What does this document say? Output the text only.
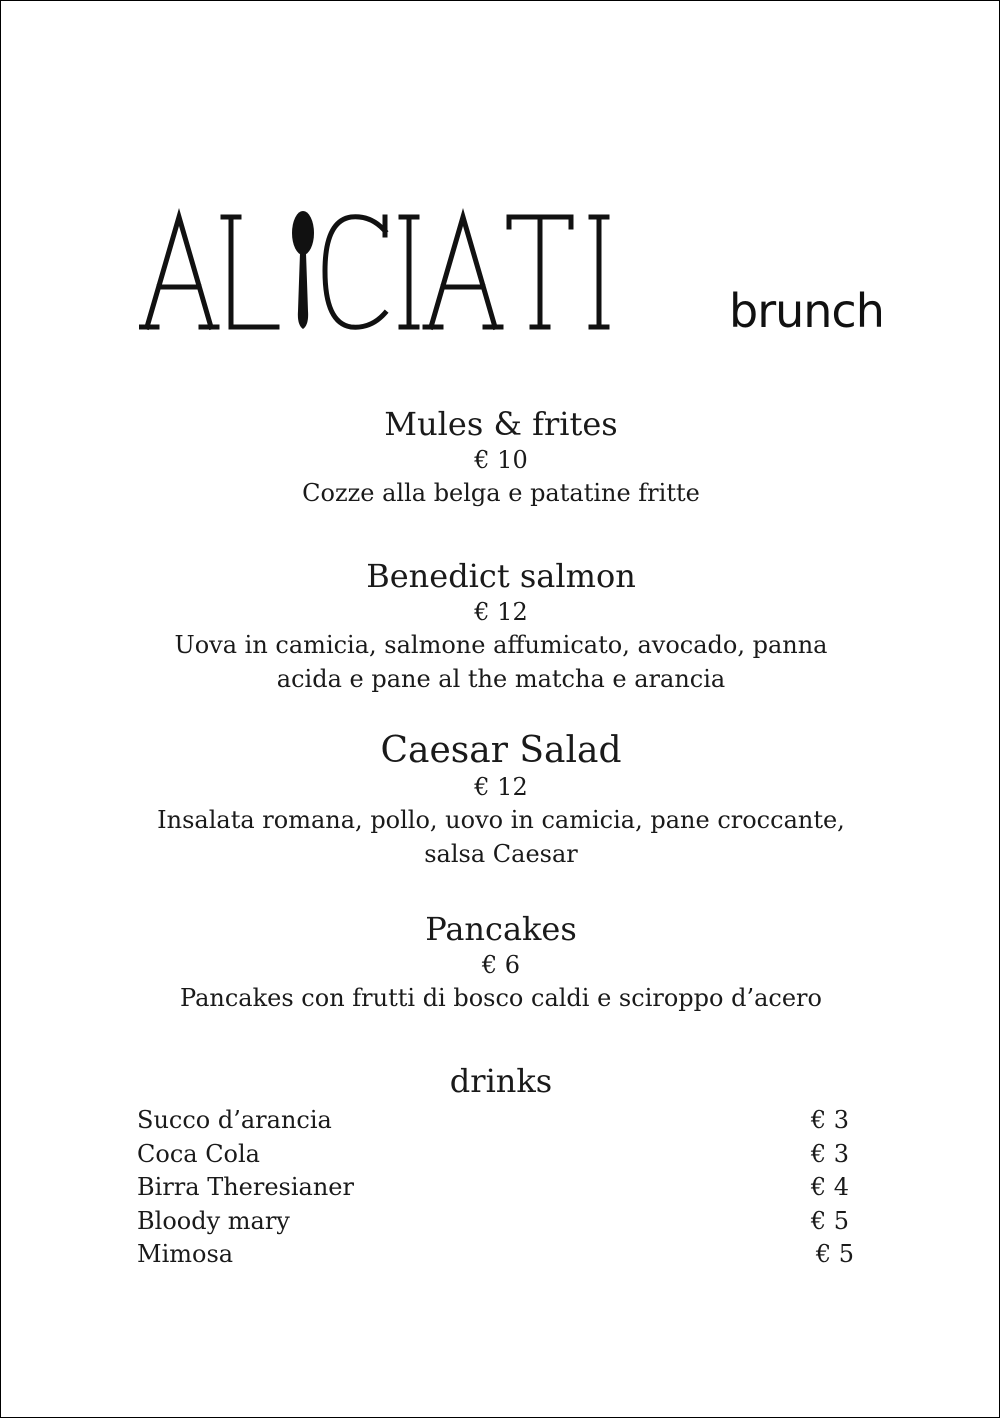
brunch
Mules & frites
€ 10
Cozze alla belga e patatine fritte
Benedict salmon
€ 12
Uova in camicia, salmone affumicato, avocado, panna
acida e pane al the matcha e arancia
Caesar Salad
€ 12
Insalata romana, pollo, uovo in camicia, pane croccante,
salsa Caesar
Pancakes
€ 6
Pancakes con frutti di bosco caldi e sciroppo d’acero
drinks
Succo d’arancia	€ 3
Coca Cola	€ 3
Birra Theresianer	€ 4
Bloody mary	€ 5
Mimosa	€ 5
